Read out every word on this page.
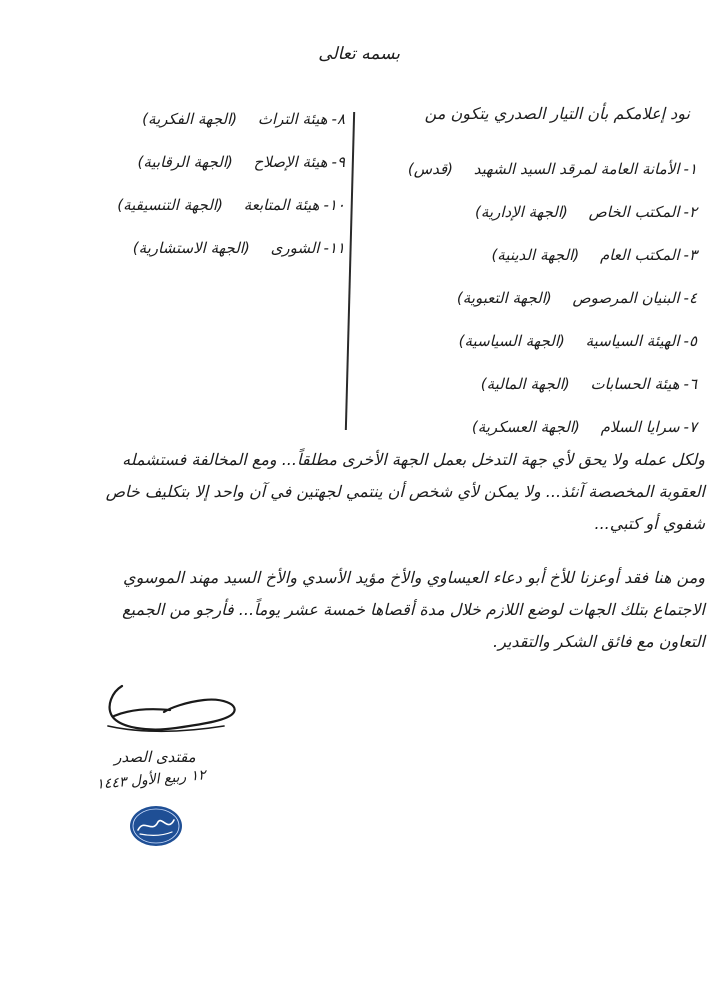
بسمه تعالى
نود إعلامكم بأن التيار الصدري يتكون من
١-الأمانة العامة لمرقد السيد الشهيد (قدس)
٢-المكتب الخاص (الجهة الإدارية)
٣-المكتب العام (الجهة الدينية)
٤-البنيان المرصوص (الجهة التعبوية)
٥-الهيئة السياسية (الجهة السياسية)
٦-هيئة الحسابات (الجهة المالية)
٧-سرايا السلام (الجهة العسكرية)
٨-هيئة التراث (الجهة الفكرية)
٩-هيئة الإصلاح (الجهة الرقابية)
١٠-هيئة المتابعة (الجهة التنسيقية)
١١-الشورى (الجهة الاستشارية)
ولكل عمله ولا يحق لأي جهة التدخل بعمل الجهة الأخرى مطلقاً... ومع المخالفة فستشمله العقوبة المخصصة آنئذ... ولا يمكن لأي شخص أن ينتمي لجهتين في آن واحد إلا بتكليف خاص شفوي أو كتبي...
ومن هنا فقد أوعزنا للأخ أبو دعاء العيساوي والأخ مؤيد الأسدي والأخ السيد مهند الموسوي الاجتماع بتلك الجهات لوضع اللازم خلال مدة أقصاها خمسة عشر يوماً... فأرجو من الجميع التعاون مع فائق الشكر والتقدير.
مقتدى الصدر
١٢ ربيع الأول ١٤٤٣
